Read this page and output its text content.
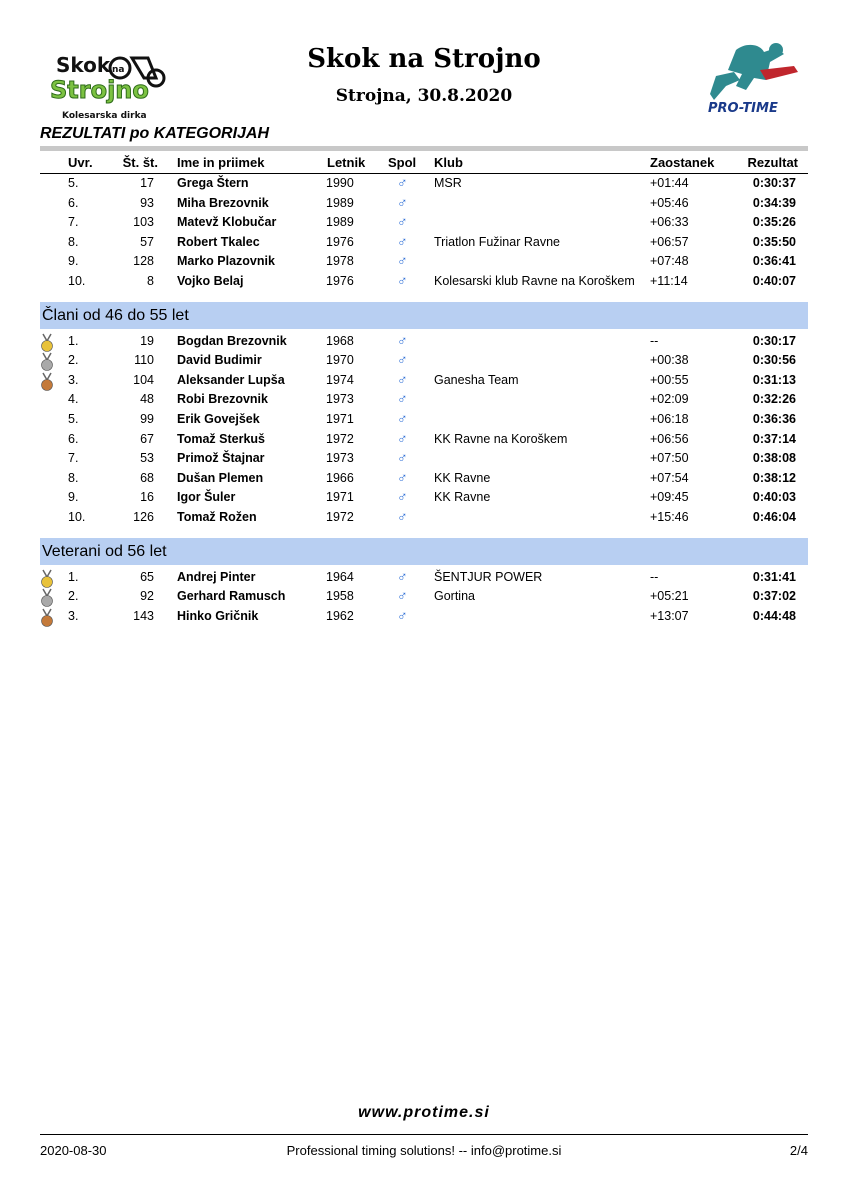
Skok na
Strojno
Kolesarska dirka	PRO-TIME
Skok na Strojno
Strojna, 30.8.2020
REZULTATI po KATEGORIJAH
Uvr.	Št. št. Ime in priimek	Letnik Spol Klub	Zaostanek	Rezultat
5.	17 Grega Štern	1990	♂ MSR	+01:44	0:30:37
6.	93 Miha Brezovnik	1989	♂	+05:46	0:34:39
7.	103 Matevž Klobučar	1989	♂	+06:33	0:35:26
8.	57 Robert Tkalec	1976	♂ Triatlon Fužinar Ravne	+06:57	0:35:50
9.	128 Marko Plazovnik	1978	♂	+07:48	0:36:41
10.	8 Vojko Belaj	1976	♂ Kolesarski klub Ravne na Koroškem +11:14	0:40:07
Člani od 46 do 55 let
1.	19 Bogdan Brezovnik	1968	♂	--	0:30:17
2.	110 David Budimir	1970	♂	+00:38	0:30:56
3.	104 Aleksander Lupša	1974	♂ Ganesha Team	+00:55	0:31:13
4.	48 Robi Brezovnik	1973	♂	+02:09	0:32:26
5.	99 Erik Govejšek	1971	♂	+06:18	0:36:36
6.	67 Tomaž Sterkuš	1972	♂ KK Ravne na Koroškem	+06:56	0:37:14
7.	53 Primož Štajnar	1973	♂	+07:50	0:38:08
8.	68 Dušan Plemen	1966	♂ KK Ravne	+07:54	0:38:12
9.	16 Igor Šuler	1971	♂ KK Ravne	+09:45	0:40:03
10.	126 Tomaž Rožen	1972	♂	+15:46	0:46:04
Veterani od 56 let
1.	65 Andrej Pinter	1964	♂ ŠENTJUR POWER	--	0:31:41
2.	92 Gerhard Ramusch	1958	♂ Gortina	+05:21	0:37:02
3.	143 Hinko Gričnik	1962	♂	+13:07	0:44:48
www.protime.si
2020-08-30	Professional timing solutions! -- info@protime.si	2/4
